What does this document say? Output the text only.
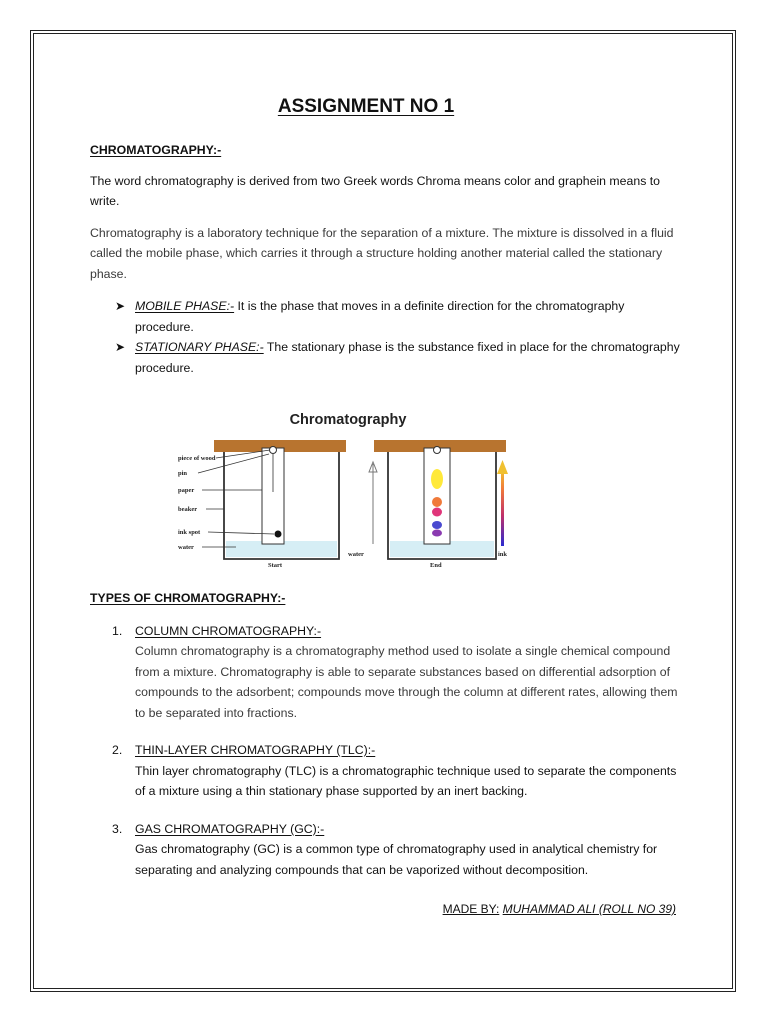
ASSIGNMENT NO 1

CHROMATOGRAPHY:-

The word chromatography is derived from two Greek words Chroma means color and graphein means to write.

Chromatography is a laboratory technique for the separation of a mixture. The mixture is dissolved in a fluid called the mobile phase, which carries it through a structure holding another material called the stationary phase.

➤ MOBILE PHASE:- It is the phase that moves in a definite direction for the chromatography procedure.
➤ STATIONARY PHASE:- The stationary phase is the substance fixed in place for the chromatography procedure.
Chromatography
piece of wood
pin
paper
beaker
ink spot
water
Start
water
End
ink

TYPES OF CHROMATOGRAPHY:-

1. COLUMN CHROMATOGRAPHY:-
Column chromatography is a chromatography method used to isolate a single chemical compound from a mixture. Chromatography is able to separate substances based on differential adsorption of compounds to the adsorbent; compounds move through the column at different rates, allowing them to be separated into fractions.
2. THIN-LAYER CHROMATOGRAPHY (TLC):-
Thin layer chromatography (TLC) is a chromatographic technique used to separate the components of a mixture using a thin stationary phase supported by an inert backing.
3. GAS CHROMATOGRAPHY (GC):-
Gas chromatography (GC) is a common type of chromatography used in analytical chemistry for separating and analyzing compounds that can be vaporized without decomposition.
MADE BY: MUHAMMAD ALI (ROLL NO 39)
